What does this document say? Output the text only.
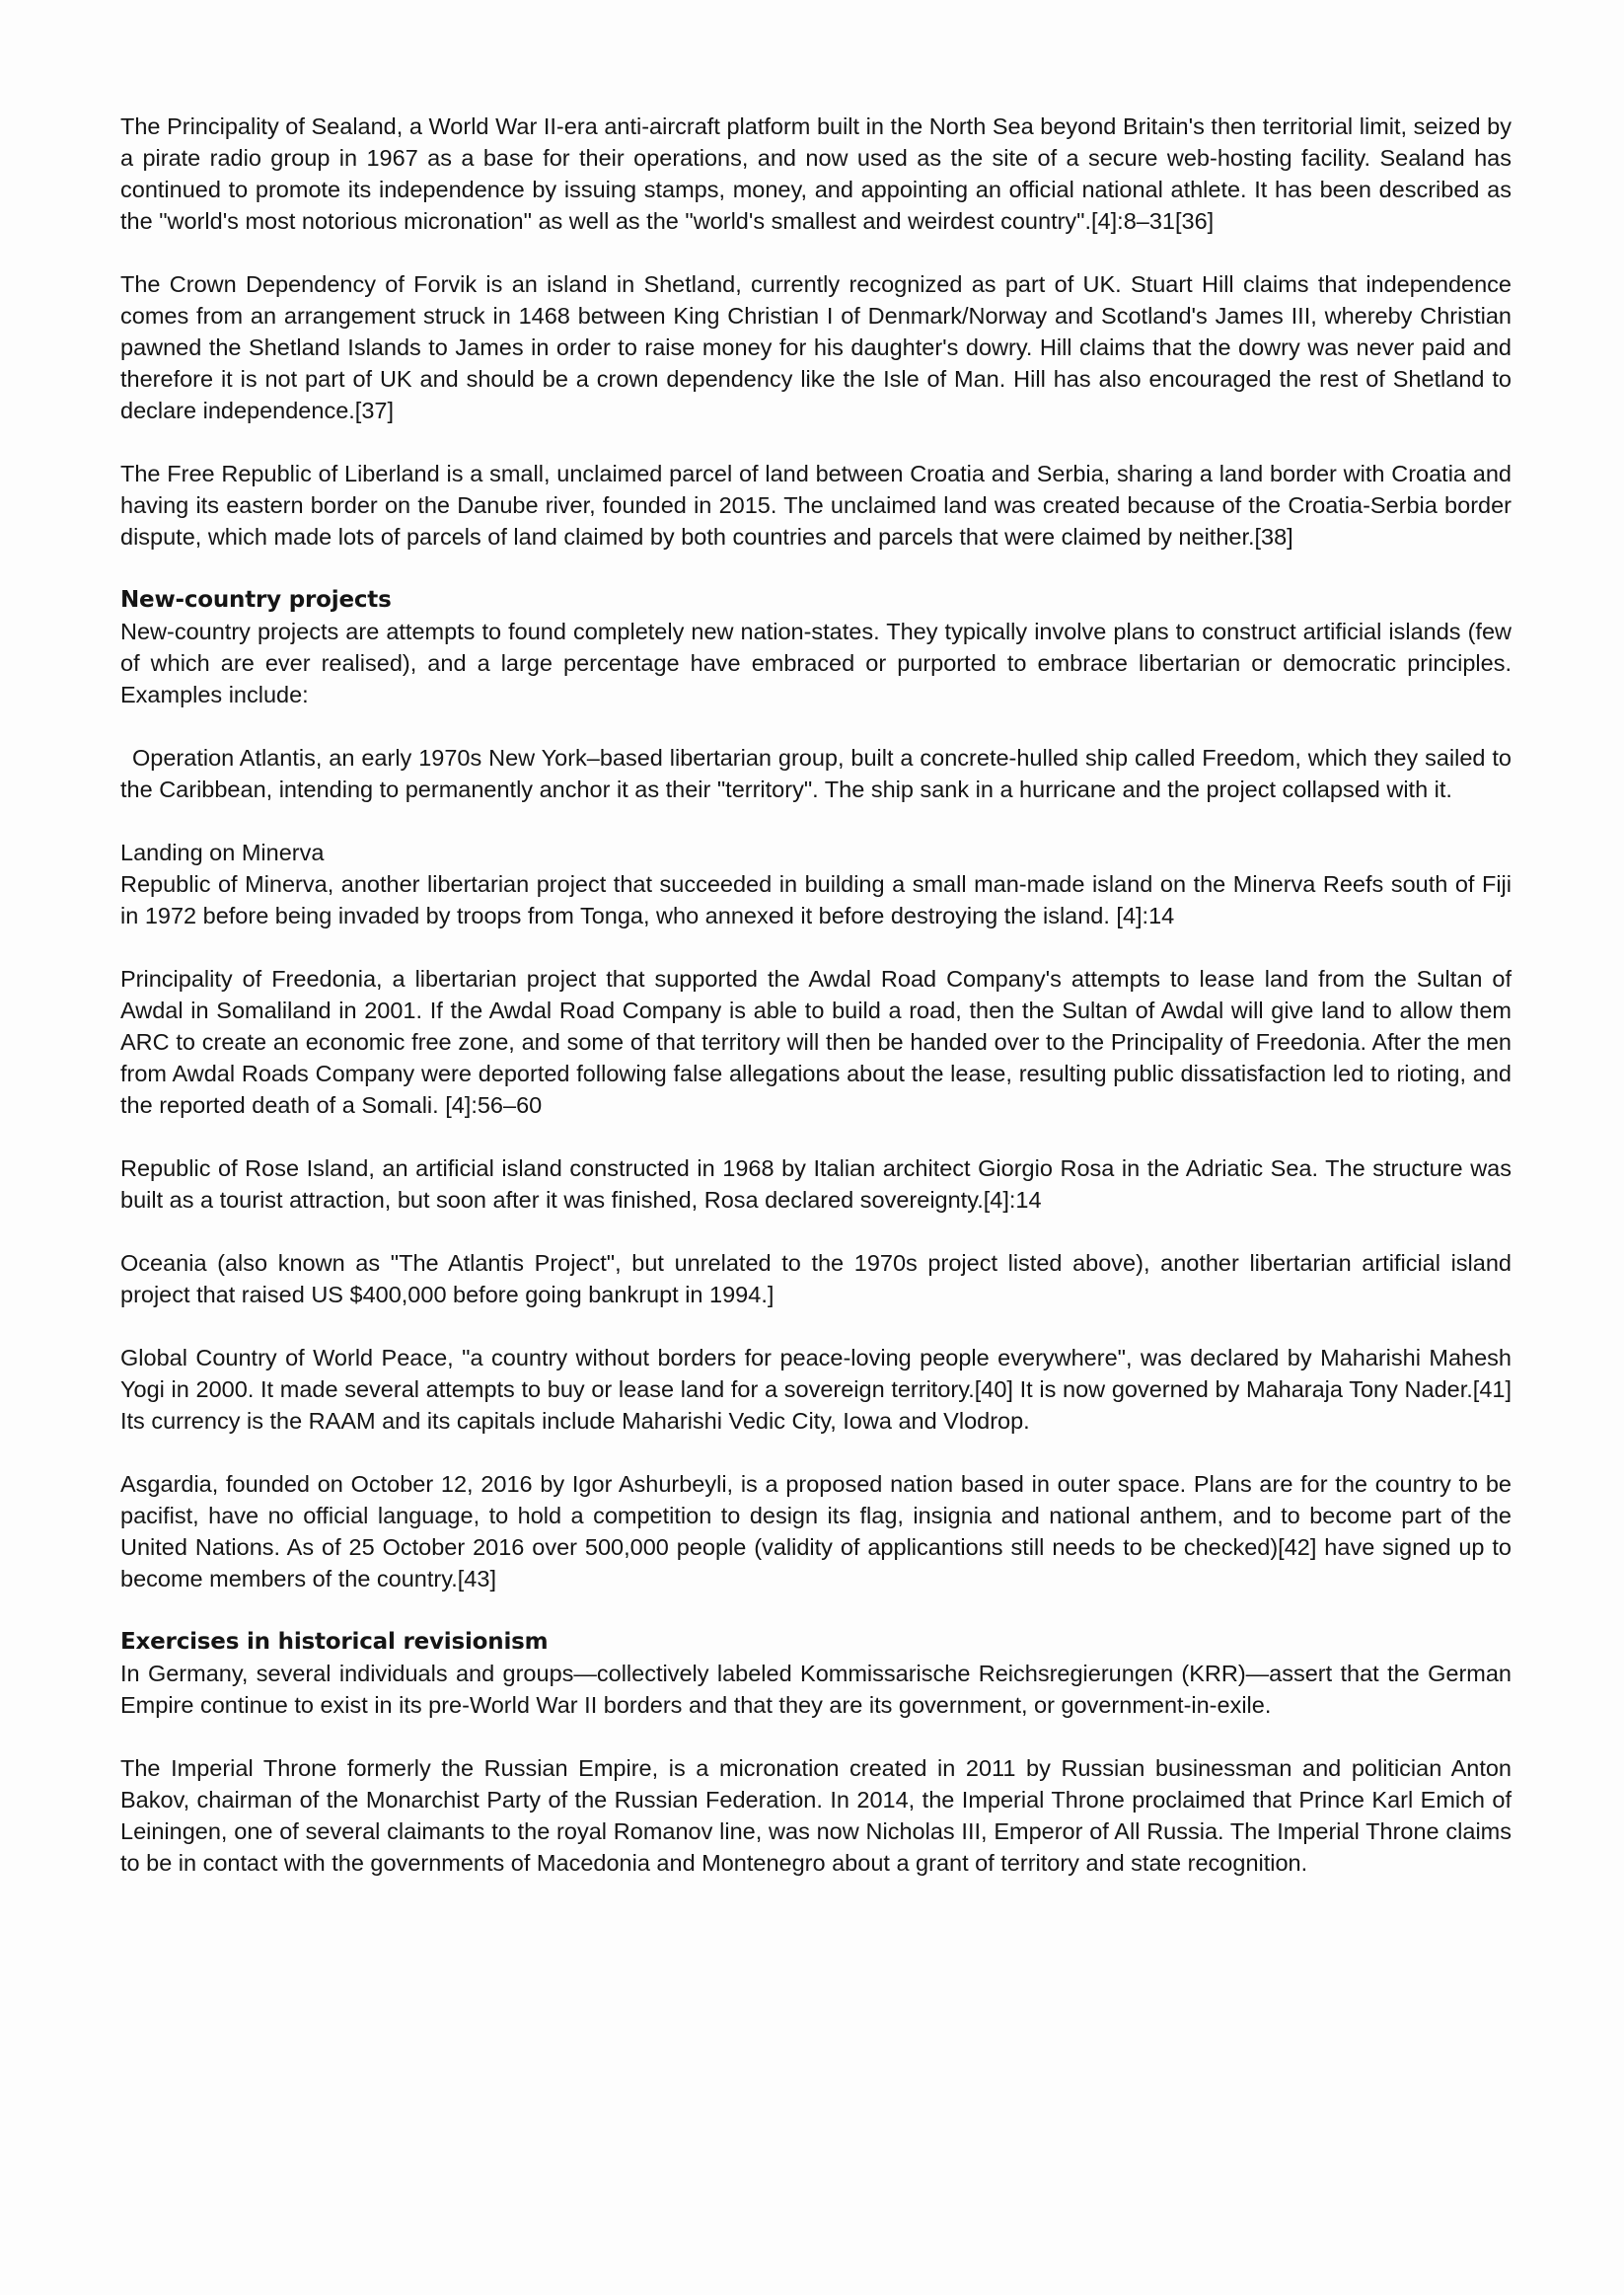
The Principality of Sealand, a World War II-era anti-aircraft platform built in the North Sea beyond Britain's then territorial limit, seized by a pirate radio group in 1967 as a base for their operations, and now used as the site of a secure web-hosting facility. Sealand has continued to promote its independence by issuing stamps, money, and appointing an official national athlete. It has been described as the "world's most notorious micronation" as well as the "world's smallest and weirdest country".[4]:8–31[36]

The Crown Dependency of Forvik is an island in Shetland, currently recognized as part of UK. Stuart Hill claims that independence comes from an arrangement struck in 1468 between King Christian I of Denmark/Norway and Scotland's James III, whereby Christian pawned the Shetland Islands to James in order to raise money for his daughter's dowry. Hill claims that the dowry was never paid and therefore it is not part of UK and should be a crown dependency like the Isle of Man. Hill has also encouraged the rest of Shetland to declare independence.[37]

The Free Republic of Liberland is a small, unclaimed parcel of land between Croatia and Serbia, sharing a land border with Croatia and having its eastern border on the Danube river, founded in 2015. The unclaimed land was created because of the Croatia-Serbia border dispute, which made lots of parcels of land claimed by both countries and parcels that were claimed by neither.[38]

New-country projects

New-country projects are attempts to found completely new nation-states. They typically involve plans to construct artificial islands (few of which are ever realised), and a large percentage have embraced or purported to embrace libertarian or democratic principles. Examples include:

Operation Atlantis, an early 1970s New York–based libertarian group, built a concrete-hulled ship called Freedom, which they sailed to the Caribbean, intending to permanently anchor it as their "territory". The ship sank in a hurricane and the project collapsed with it.

Landing on Minerva

Republic of Minerva, another libertarian project that succeeded in building a small man-made island on the Minerva Reefs south of Fiji in 1972 before being invaded by troops from Tonga, who annexed it before destroying the island. [4]:14

Principality of Freedonia, a libertarian project that supported the Awdal Road Company's attempts to lease land from the Sultan of Awdal in Somaliland in 2001. If the Awdal Road Company is able to build a road, then the Sultan of Awdal will give land to allow them ARC to create an economic free zone, and some of that territory will then be handed over to the Principality of Freedonia. After the men from Awdal Roads Company were deported following false allegations about the lease, resulting public dissatisfaction led to rioting, and the reported death of a Somali. [4]:56–60

Republic of Rose Island, an artificial island constructed in 1968 by Italian architect Giorgio Rosa in the Adriatic Sea. The structure was built as a tourist attraction, but soon after it was finished, Rosa declared sovereignty.[4]:14

Oceania (also known as "The Atlantis Project", but unrelated to the 1970s project listed above), another libertarian artificial island project that raised US $400,000 before going bankrupt in 1994.]

Global Country of World Peace, "a country without borders for peace-loving people everywhere", was declared by Maharishi Mahesh Yogi in 2000. It made several attempts to buy or lease land for a sovereign territory.[40] It is now governed by Maharaja Tony Nader.[41] Its currency is the RAAM and its capitals include Maharishi Vedic City, Iowa and Vlodrop.

Asgardia, founded on October 12, 2016 by Igor Ashurbeyli, is a proposed nation based in outer space. Plans are for the country to be pacifist, have no official language, to hold a competition to design its flag, insignia and national anthem, and to become part of the United Nations. As of 25 October 2016 over 500,000 people (validity of applicantions still needs to be checked)[42] have signed up to become members of the country.[43]

Exercises in historical revisionism

In Germany, several individuals and groups—collectively labeled Kommissarische Reichsregierungen (KRR)—assert that the German Empire continue to exist in its pre-World War II borders and that they are its government, or government-in-exile.

The Imperial Throne formerly the Russian Empire, is a micronation created in 2011 by Russian businessman and politician Anton Bakov, chairman of the Monarchist Party of the Russian Federation. In 2014, the Imperial Throne proclaimed that Prince Karl Emich of Leiningen, one of several claimants to the royal Romanov line, was now Nicholas III, Emperor of All Russia. The Imperial Throne claims to be in contact with the governments of Macedonia and Montenegro about a grant of territory and state recognition.
